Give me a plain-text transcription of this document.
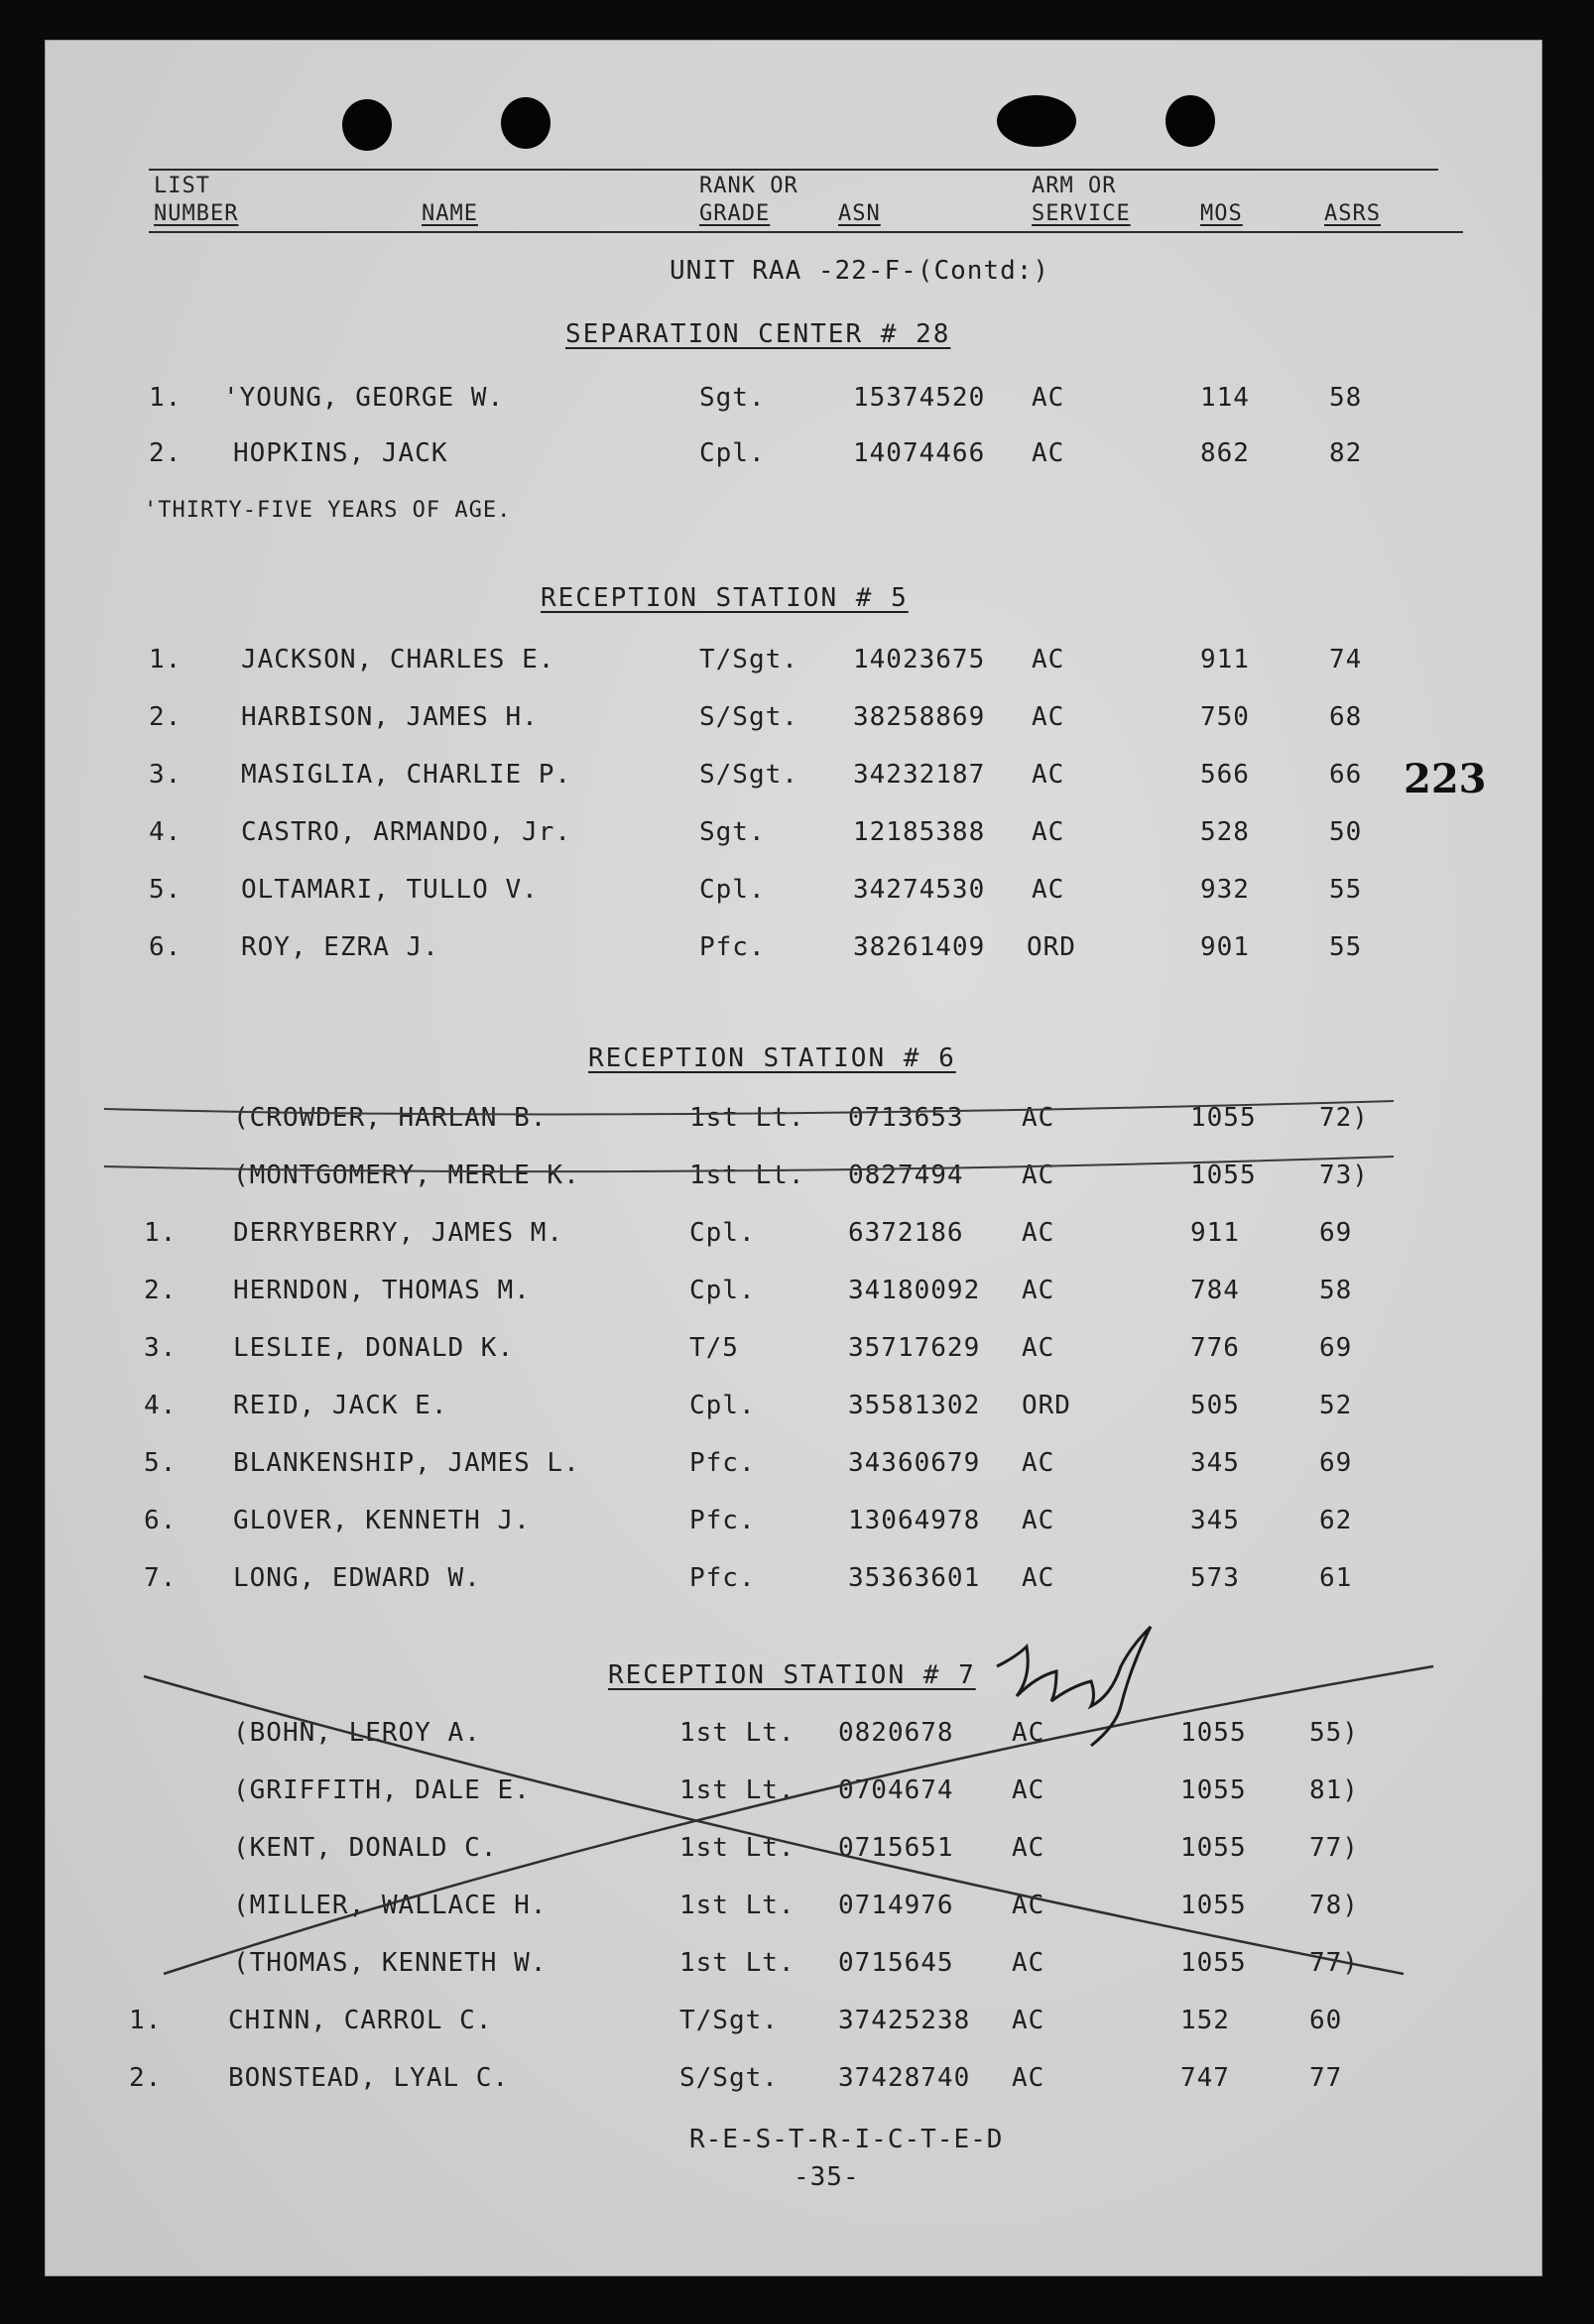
LIST
NUMBER	NAME
RANK OR
GRADE	ASN
ARM OR
SERVICE	MOS	ASRS
UNIT RAA -22-F-(Contd:)
SEPARATION CENTER # 28
1. 'YOUNG, GEORGE W.	Sgt.	15374520 AC	114	58
2. HOPKINS, JACK	Cpl.	14074466 AC	862	82
'THIRTY-FIVE YEARS OF AGE.
RECEPTION STATION # 5
1. JACKSON, CHARLES E.	T/Sgt. 14023675 AC	911	74
2. HARBISON, JAMES H.	S/Sgt. 38258869 AC	750	68
3. MASIGLIA, CHARLIE P.	S/Sgt. 34232187 AC	566	66
4. CASTRO, ARMANDO, Jr.	Sgt.	12185388 AC	528	50
5. OLTAMARI, TULLO V.	Cpl.	34274530 AC	932	55
6. ROY, EZRA J.	Pfc.	38261409 ORD	901	55
223
RECEPTION STATION # 6
(CROWDER, HARLAN B.	1st Lt. 0713653 AC	1055 72)
(MONTGOMERY, MERLE K.	1st Lt. 0827494 AC	1055 73)
1. DERRYBERRY, JAMES M.	Cpl.	6372186 AC	911	69
2. HERNDON, THOMAS M.	Cpl.	34180092 AC	784	58
3. LESLIE, DONALD K.	T/5	35717629 AC	776	69
4. REID, JACK E.	Cpl.	35581302 ORD	505	52
5. BLANKENSHIP, JAMES L.	Pfc.	34360679 AC	345	69
6. GLOVER, KENNETH J.	Pfc.	13064978 AC	345	62
7. LONG, EDWARD W.	Pfc.	35363601 AC	573	61
RECEPTION STATION # 7
(BOHN, LEROY A.	1st Lt. 0820678 AC	1055 55)
(GRIFFITH, DALE E.	1st Lt. 0704674 AC	1055 81)
(KENT, DONALD C.	1st Lt. 0715651 AC	1055 77)
(MILLER, WALLACE H.	1st Lt. 0714976 AC	1055 78)
(THOMAS, KENNETH W.	1st Lt. 0715645 AC	1055 77)
1.	CHINN, CARROL C.	T/Sgt. 37425238 AC	152	60
2.	BONSTEAD, LYAL C.	S/Sgt. 37428740 AC	747	77
R-E-S-T-R-I-C-T-E-D
-35-
